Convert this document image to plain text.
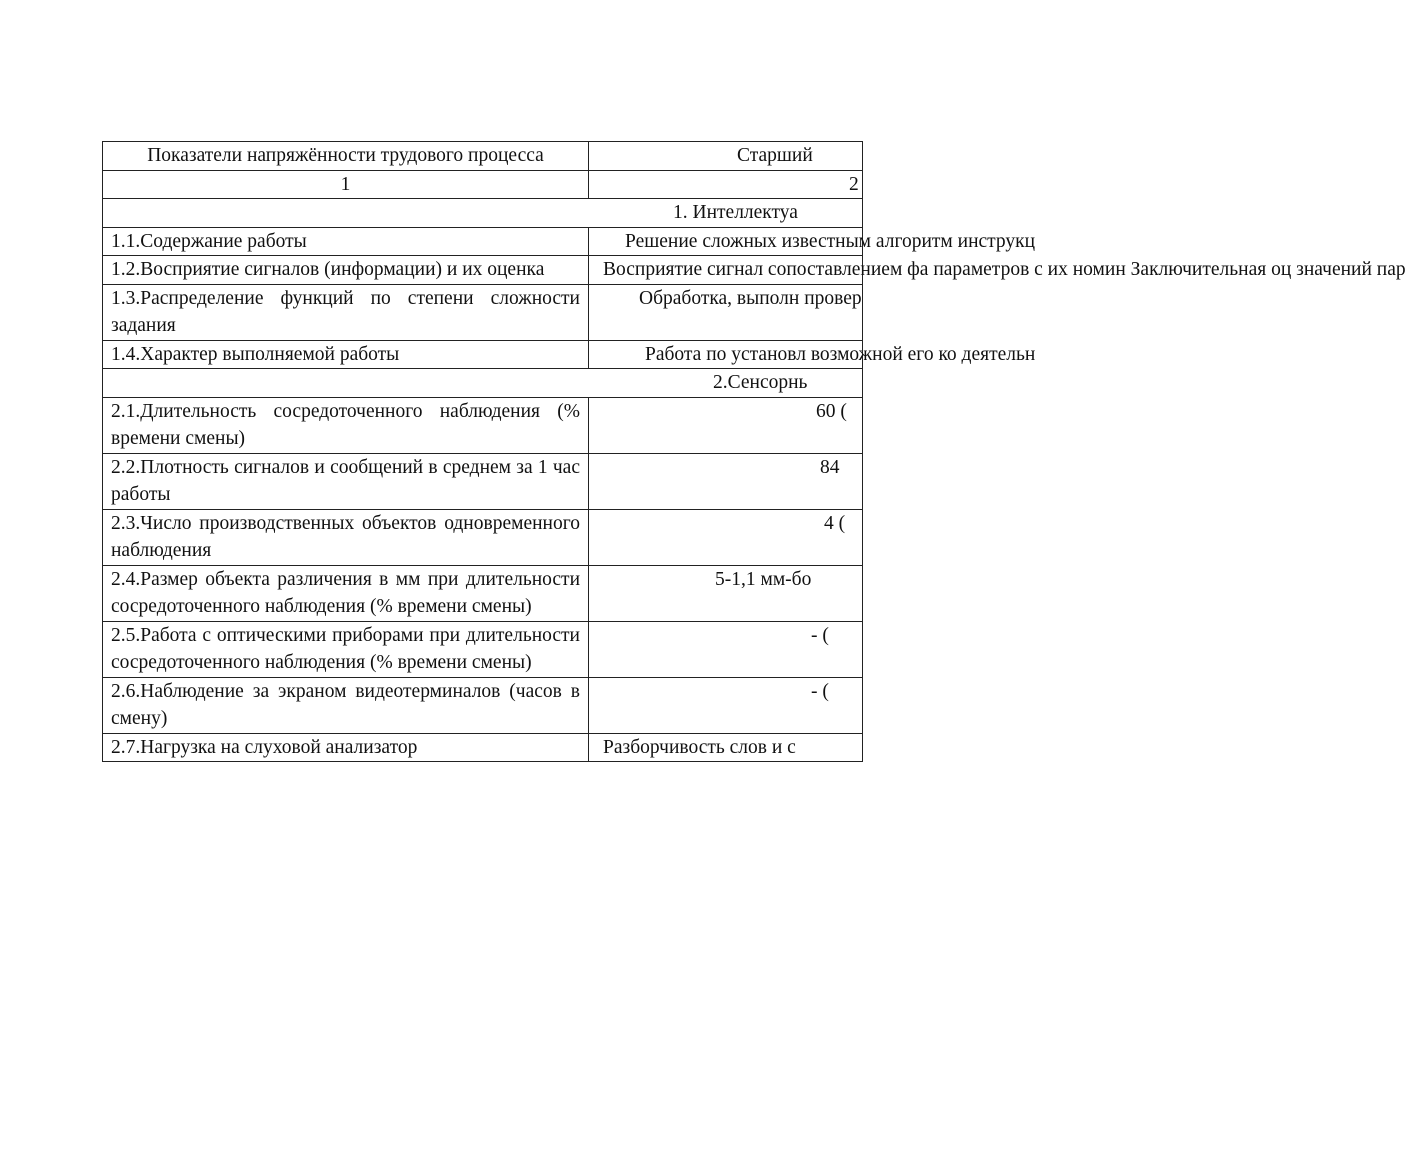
Показатели напряжённости трудового процесса	Старший
1	2
1. Интеллектуа	
1.1.Содержание работы	Решение сложных известным алгоритм инструкц
1.2.Восприятие сигналов (информации) и их оценка	Восприятие сигнал сопоставлением фа параметров с их номин Заключительная оц значений пар
1.3.Распределение функций по степени сложности задания	Обработка, выполн провер
1.4.Характер выполняемой работы	Работа по установл возможной его ко деятельн
2.Сенсорнь	
2.1.Длительность сосредоточенного наблюдения (% времени смены)	60 (
2.2.Плотность сигналов и сообщений в среднем за 1 час работы	84
2.3.Число производственных объектов одновременного наблюдения	4 (
2.4.Размер объекта различения в мм при длительности сосредоточенного наблюдения (% времени смены)	5-1,1 мм-бо
2.5.Работа с оптическими приборами при длительности сосредоточенного наблюдения (% времени смены)	- (
2.6.Наблюдение за экраном видеотерминалов (часов в смену)	- (
2.7.Нагрузка на слуховой анализатор	Разборчивость слов и с
